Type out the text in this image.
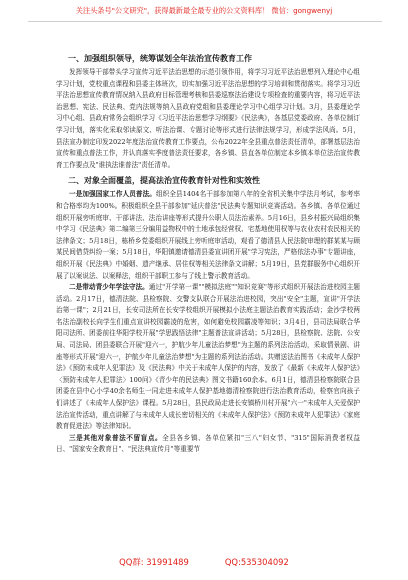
关注头条号"公文研究"，获得最新最全最专业的公文资料库！ 微信：gongwenyj
一、加强组织领导，统筹谋划全年法治宣传教育工作

发挥领导干部带头学习宣传习近平法治思想的示范引领作用，将学习习近平法治思想列入理论中心组学习计划，党校重点课程和县委主体班次，切实加强习近平法治思想的学习培训和贯彻落实。将学习习近平法治思想宣传教育情况纳入县政府目标管理考核和县委巡察法治建设专项检查的重要内容，将习近平法治思想、宪法、民法典、党内法规等纳入县政府党组和县委理论学习中心组学习计划。3月，县委理论学习中心组、县政府常务会组织学习《习近平法治思想学习纲要》《民法典》，各基层党委政府、各单位制订学习计划，落实化采取邻读原文、听法治课、专题讨论等形式进行法律法规学习，形成学法风尚。5月，县法宣办制定印发2022年度法治宣传教育工作要点，公布2022年全县重点普法责任清单，部署基层法治宣传和重点普法工作，并认真落实季度普法责任要求，各乡镇、县直各单位制定本乡镇本单位法治宣传教育工作要点及"谁执法谁普法"责任清单。

二、对象全面覆盖，提高法治宣传教育针对性和实效性

一是加强国家工作人员普法。组织全县1404名干部参加第八年的全省机关集中学法月考试，参考率和合格率均为100%。积极组织全县干部参加"延庆普法"民法典专题知识竞赛活动。各乡镇、各单位通过组织开展旁听庭审、干部讲法、法治讲座等形式提升公职人员法治素养。5月16日，县乡村振兴局组织集中学习《民法典》第二编第三分编用益物权中的土地承包经营权、宅基地使用权等与农业农村农民相关的法律条文；5月18日，栋桥乡党委组织开展线上旁听庭审活动，观看了德清县人民法院审理的群某某与顾某民间借贷纠纷一案；5月18日，华阳镇邀请德清县委宣讲团开展"学习宪法，严格依法办事"专题讲座，组织开展《民法典》中婚姻、遗产继承、居住权等相关法律条文讲解；5月19日，县党群服务中心组织开展了以案说法、以案释法，组织干部职工参与了线上警示教育活动。

二是带动青少年学法守法。通过"开学第一课""模拟法庭""知识竞赛"等形式组织开展法治进校园主题活动。2月17日，德清法院、县检察院、交警支队联合开展法治进校园，突出"安全"主题，宣讲"开学法治第一课"；2月21日，长安司法所在长安学校组织开展模拟小法庭主题法治教育实践活动；金沙学校两名法治副校长向学生们重点宣讲校园霸凌的危害，如何避免校园霸凌等知识；3月4日，县司法局联合华阳司法所、团委前往华阳学校开展"学思践悟法律"主题普法宣讲活动；5月28日，县检察院、法院、公安局、司法局、团县委联合开展"迎六一，护航少年儿童法治梦想"为主题的系列法治活动，采取情景剧、讲座等形式开展"迎六一，护航少年儿童法治梦想"为主题的系列法治活动。共赠送法治图书《未成年人保护法》《预防未成年人犯罪法》及《民法典》中关于未成年人保护的内容，发放了《最新《未成年人保护法》〈预防未成年人犯罪法〉100问》《青少年的民法典》图文书籍160余本。6月1日，德清县检察院联合县团委在县中心小学40余名师生一同走进未成年人保护基地德清检察院进行法治教育活动，检察官向孩子们讲述了《未成年人保护法》课程。5月28日，县民政局走进长安镇桥川村开展"六一"未成年人关爱保护法治宣传活动，重点讲解了与未成年人成长密切相关的《未成年人保护法》《预防未成年人犯罪法》《家庭教育促进法》等法律知识。

三是其他对象普法不留盲点。全县各乡镇、各单位紧扣"三八"妇女节、"315"国际消费者权益日、"国家安全教育日"、"民法典宣传月"等重要节

QQ群: 31991489	QQ:535304092
